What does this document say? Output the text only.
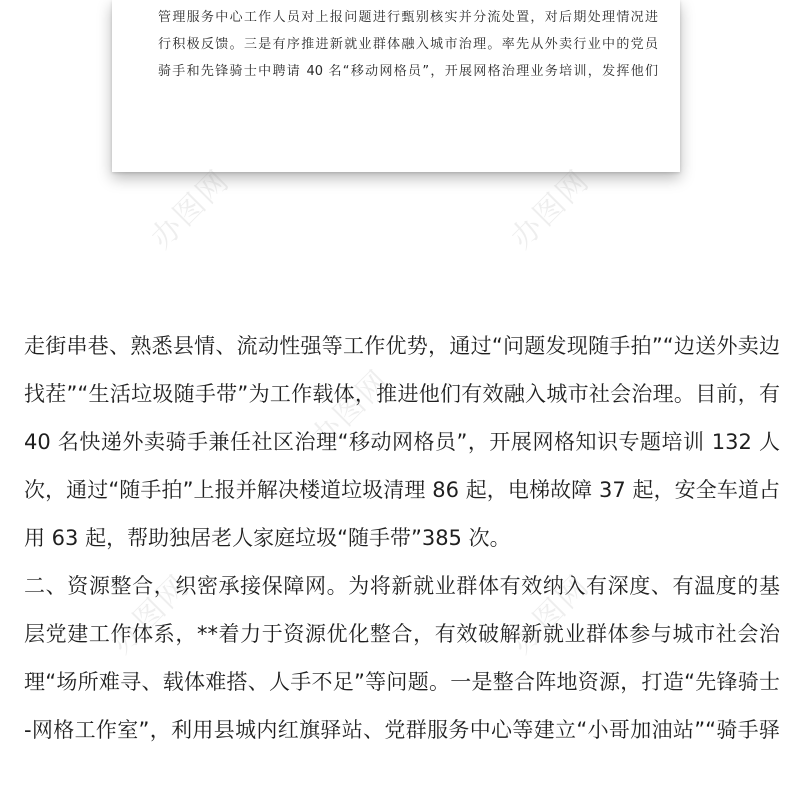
管理服务中心工作人员对上报问题进行甄别核实并分流处置，对后期处理情况进
行积极反馈。三是有序推进新就业群体融入城市治理。率先从外卖行业中的党员
骑手和先锋骑士中聘请 40 名“移动网格员”，开展网格治理业务培训，发挥他们
办图网	办图网
办图网
办图网	办图网
走街串巷、熟悉县情、流动性强等工作优势，通过“问题发现随手拍”“边送外卖边
找茬”“生活垃圾随手带”为工作载体，推进他们有效融入城市社会治理。目前，有
40 名快递外卖骑手兼任社区治理“移动网格员”，开展网格知识专题培训 132 人
次，通过“随手拍”上报并解决楼道垃圾清理 86 起，电梯故障 37 起，安全车道占
用 63 起，帮助独居老人家庭垃圾“随手带”385 次。
二、资源整合，织密承接保障网。为将新就业群体有效纳入有深度、有温度的基
层党建工作体系，**着力于资源优化整合，有效破解新就业群体参与城市社会治
理“场所难寻、载体难搭、人手不足”等问题。一是整合阵地资源，打造“先锋骑士
-网格工作室”，利用县城内红旗驿站、党群服务中心等建立“小哥加油站”“骑手驿
